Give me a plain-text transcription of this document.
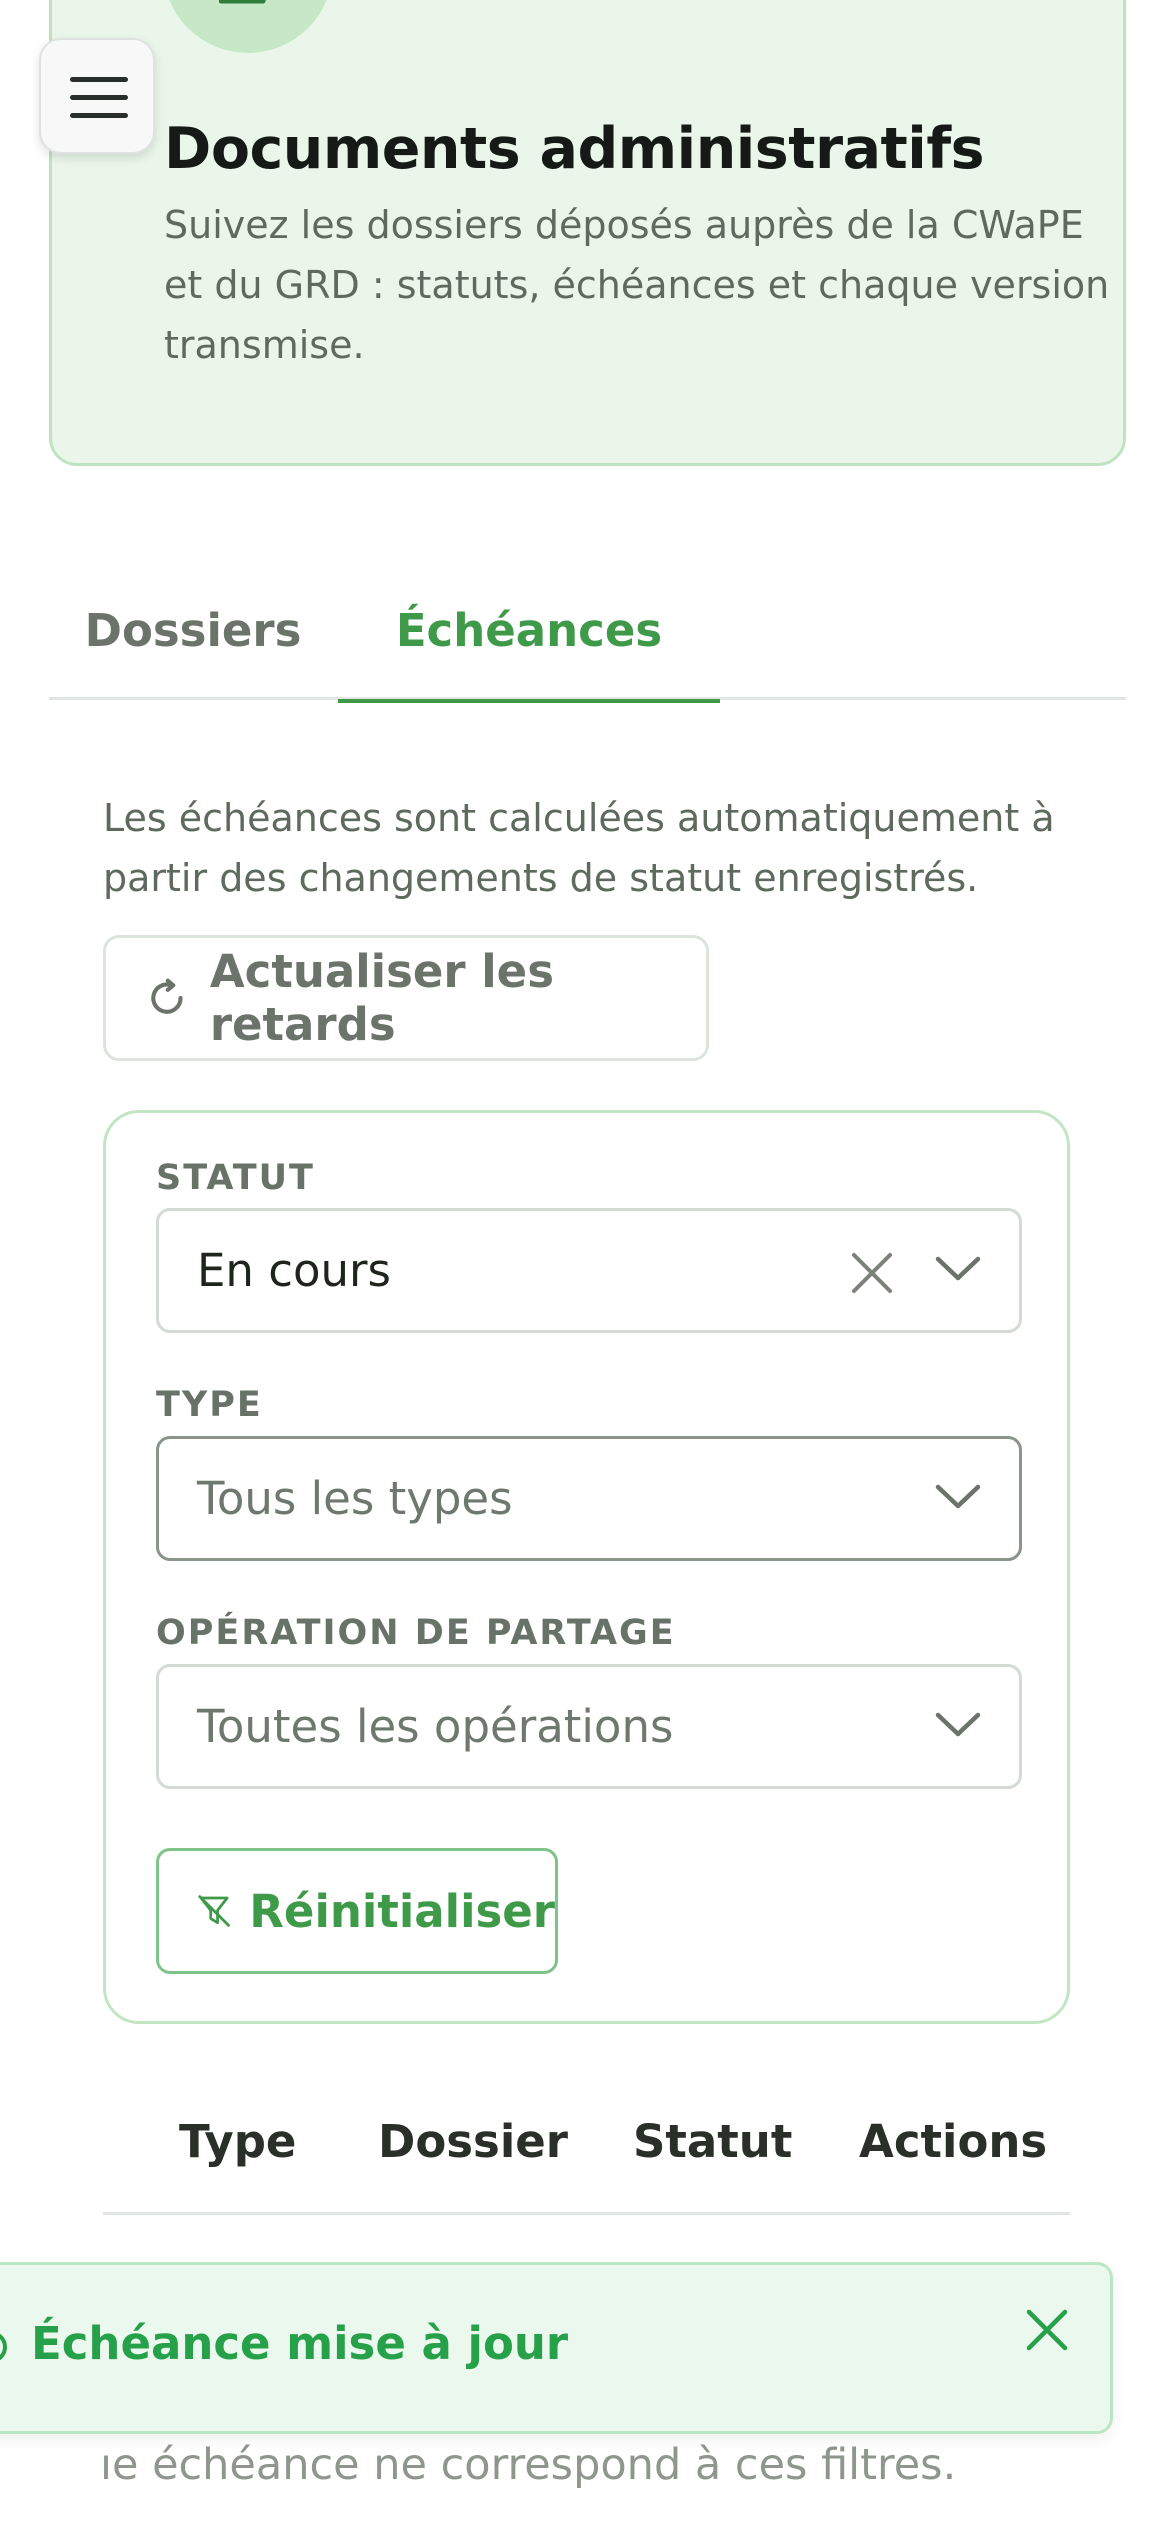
Documents administratifs
Suivez les dossiers déposés auprès de la CWaPE et du GRD : statuts, échéances et chaque version transmise.
Dossiers	Échéances
Les échéances sont calculées automatiquement à partir des changements de statut enregistrés.
Actualiser les retards
STATUT
En cours
TYPE
Tous les types
OPÉRATION DE PARTAGE
Toutes les opérations
Réinitialiser
Type Dossier Statut Actions
ıe échéance ne correspond à ces filtres.
Échéance mise à jour
